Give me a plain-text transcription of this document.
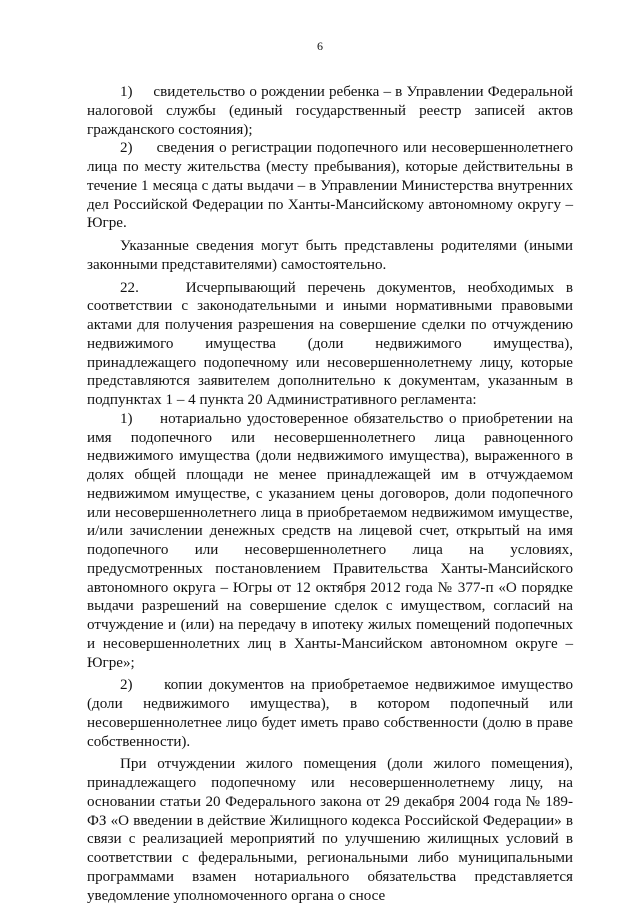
6

1)     свидетельство о рождении ребенка – в Управлении Федеральной налоговой службы (единый государственный реестр записей актов гражданского состояния);

2)     сведения о регистрации подопечного или несовершеннолетнего лица по месту жительства (месту пребывания), которые действительны в течение 1 месяца с даты выдачи – в Управлении Министерства внутренних дел Российской Федерации по Ханты-Мансийскому автономному округу – Югре.

Указанные сведения могут быть представлены родителями (иными законными представителями) самостоятельно.

22.    Исчерпывающий перечень документов, необходимых в соответствии с законодательными и иными нормативными правовыми актами для получения разрешения на совершение сделки по отчуждению недвижимого имущества (доли недвижимого имущества), принадлежащего подопечному или несовершеннолетнему лицу, которые представляются заявителем дополнительно к документам, указанным в подпунктах 1 – 4 пункта 20 Административного регламента:

1)     нотариально удостоверенное обязательство о приобретении на имя подопечного или несовершеннолетнего лица равноценного недвижимого имущества (доли недвижимого имущества), выраженного в долях общей площади не менее принадлежащей им в отчуждаемом недвижимом имуществе, с указанием цены договоров, доли подопечного или несовершеннолетнего лица в приобретаемом недвижимом имуществе, и/или зачислении денежных средств на лицевой счет, открытый на имя подопечного или несовершеннолетнего лица на условиях, предусмотренных постановлением Правительства Ханты-Мансийского автономного округа – Югры от 12 октября 2012 года № 377-п «О порядке выдачи разрешений на совершение сделок с имуществом, согласий на отчуждение и (или) на передачу в ипотеку жилых помещений подопечных и несовершеннолетних лиц в Ханты-Мансийском автономном округе – Югре»;

2)     копии документов на приобретаемое недвижимое имущество (доли недвижимого имущества), в котором подопечный или несовершеннолетнее лицо будет иметь право собственности (долю в праве собственности).

При отчуждении жилого помещения (доли жилого помещения), принадлежащего подопечному или несовершеннолетнему лицу, на основании статьи 20 Федерального закона от 29 декабря 2004 года № 189-ФЗ «О введении в действие Жилищного кодекса Российской Федерации» в связи с реализацией мероприятий по улучшению жилищных условий в соответствии с федеральными, региональными либо муниципальными программами взамен нотариального обязательства представляется уведомление уполномоченного органа о сносе
